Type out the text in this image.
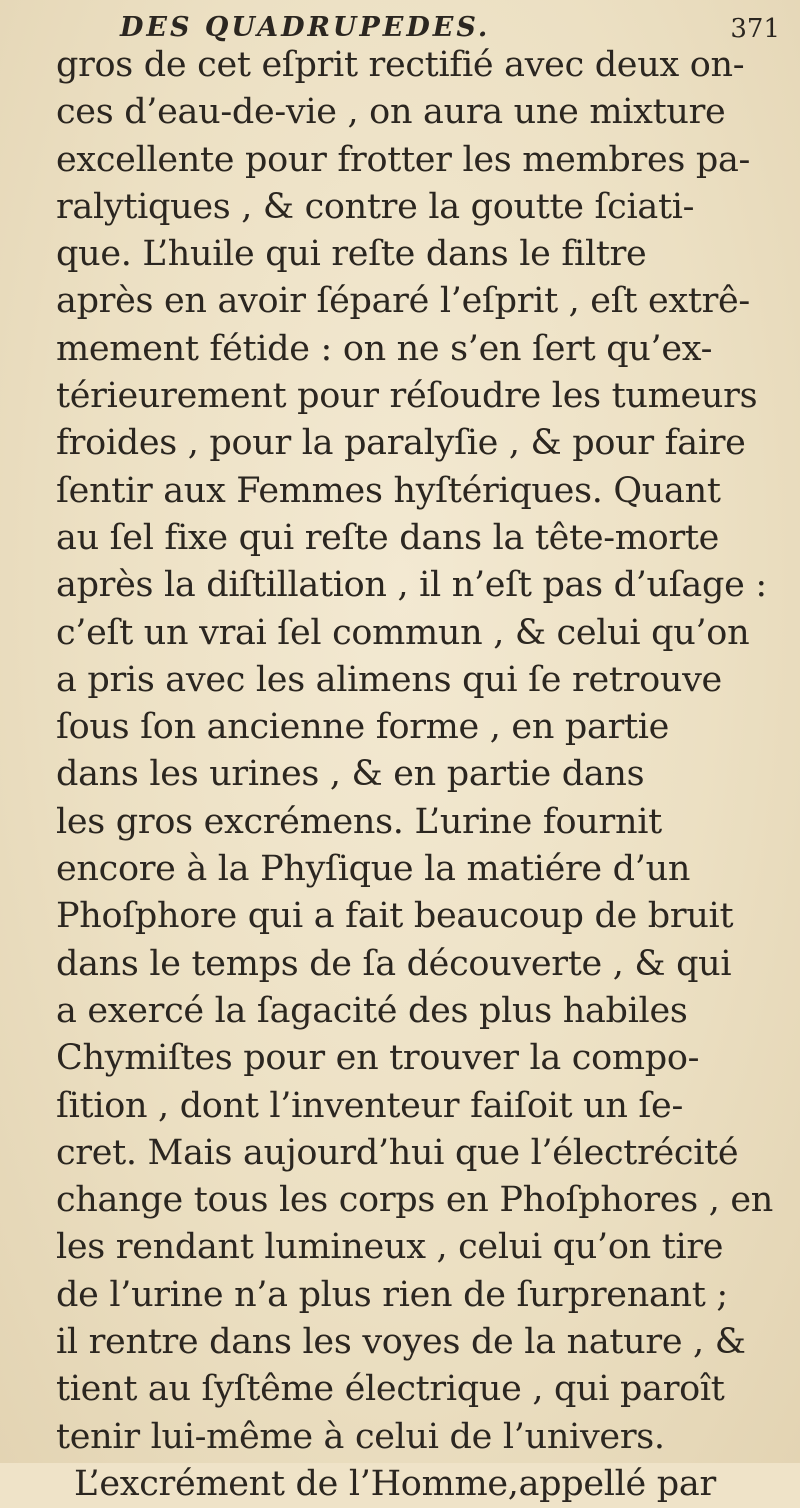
DES QUADRUPEDES.	371
gros de cet eſprit rectifié avec deux on-
ces d’eau-de-vie , on aura une mixture
excellente pour frotter les membres pa-
ralytiques , & contre la goutte ſciati-
que. L’huile qui reſte dans le filtre
après en avoir ſéparé l’eſprit , eſt extrê-
mement fétide : on ne s’en ſert qu’ex-
térieurement pour réſoudre les tumeurs
froides , pour la paralyſie , & pour faire
ſentir aux Femmes hyſtériques. Quant
au ſel fixe qui reſte dans la tête-morte
après la diſtillation , il n’eſt pas d’uſage :
c’eſt un vrai ſel commun , & celui qu’on
a pris avec les alimens qui ſe retrouve
ſous ſon ancienne forme , en partie
dans les urines , & en partie dans
les gros excrémens. L’urine fournit
encore à la Phyſique la matiére d’un
Phoſphore qui a fait beaucoup de bruit
dans le temps de ſa découverte , & qui
a exercé la ſagacité des plus habiles
Chymiſtes pour en trouver la compo-
ſition , dont l’inventeur faiſoit un ſe-
cret. Mais aujourd’hui que l’électrécité
change tous les corps en Phoſphores , en
les rendant lumineux , celui qu’on tire
de l’urine n’a plus rien de ſurprenant ;
il rentre dans les voyes de la nature , &
tient au ſyſtême électrique , qui paroît
tenir lui-même à celui de l’univers.
L’excrément de l’Homme,appellé par
